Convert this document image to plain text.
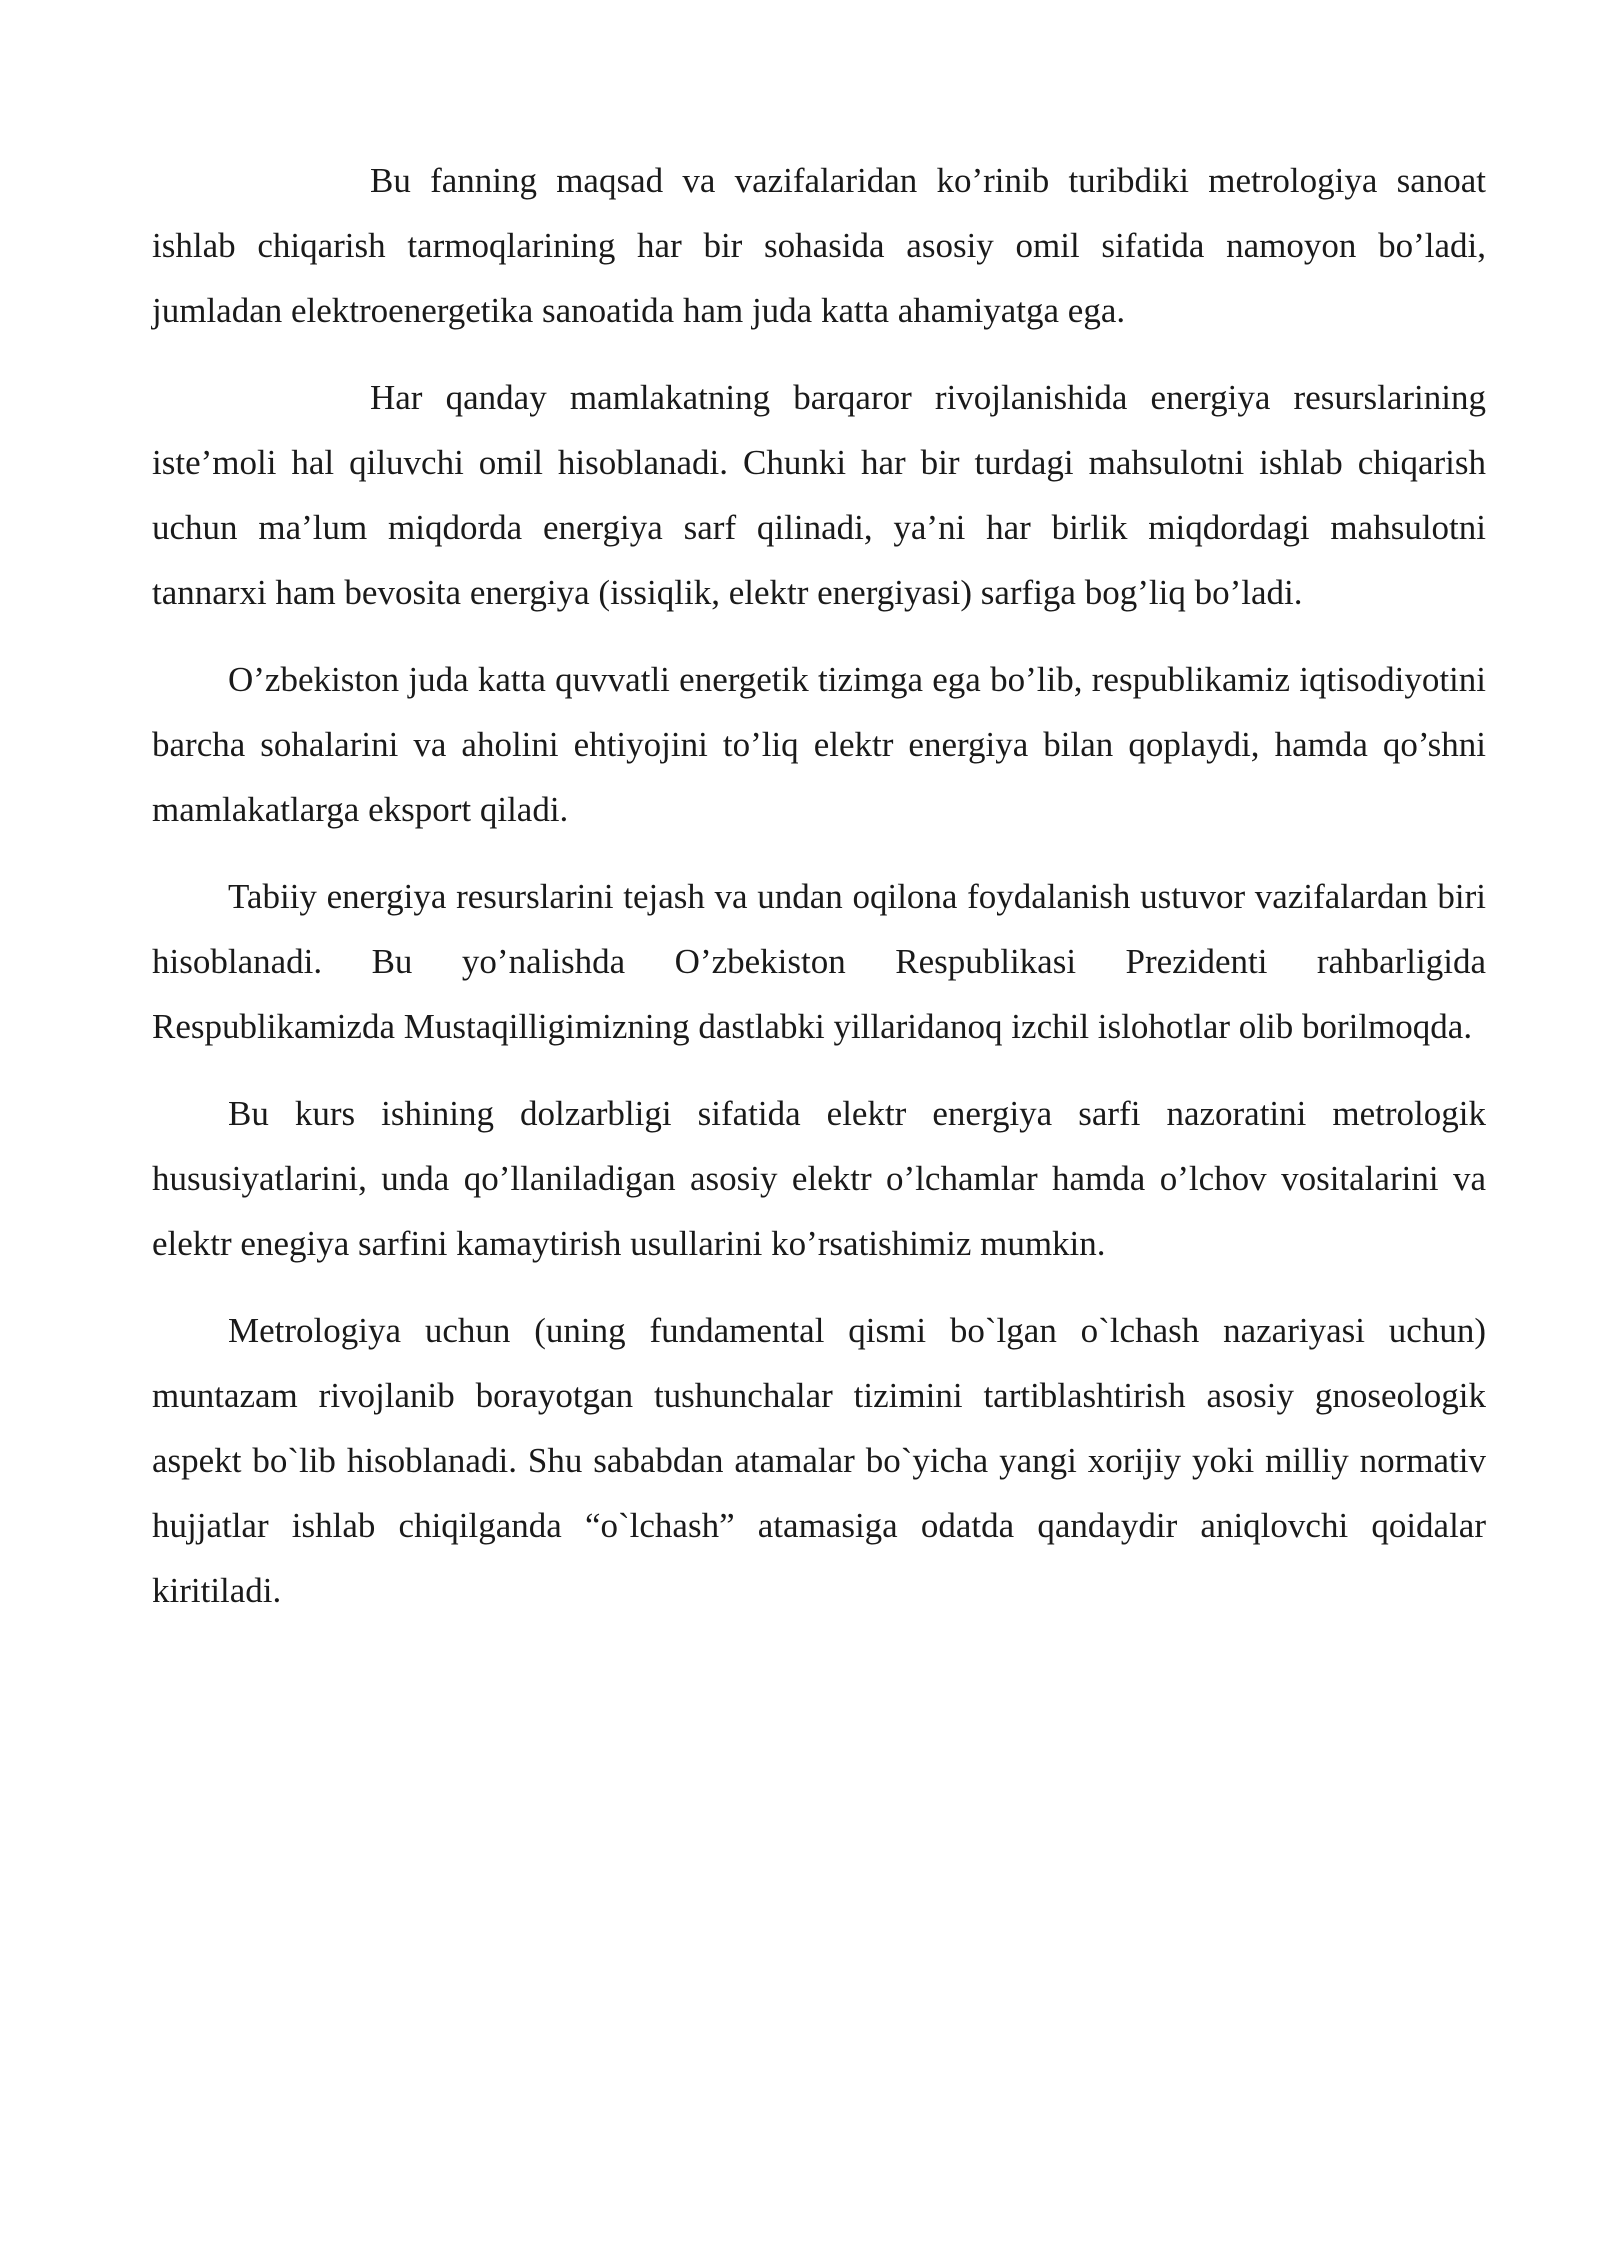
Bu fanning maqsad va vazifalaridan ko’rinib turibdiki metrologiya sanoat ishlab chiqarish tarmoqlarining har bir sohasida asosiy omil sifatida namoyon bo’ladi, jumladan elektroenergetika sanoatida ham juda katta ahamiyatga ega.

Har qanday mamlakatning barqaror rivojlanishida energiya resurslarining iste’moli hal qiluvchi omil hisoblanadi. Chunki har bir turdagi mahsulotni ishlab chiqarish uchun ma’lum miqdorda energiya sarf qilinadi, ya’ni har birlik miqdordagi mahsulotni tannarxi ham bevosita energiya (issiqlik, elektr energiyasi) sarfiga bog’liq bo’ladi.

O’zbekiston juda katta quvvatli energetik tizimga ega bo’lib, respublikamiz iqtisodiyotini barcha sohalarini va aholini ehtiyojini to’liq elektr energiya bilan qoplaydi, hamda qo’shni mamlakatlarga eksport qiladi.

Tabiiy energiya resurslarini tejash va undan oqilona foydalanish ustuvor vazifalardan biri hisoblanadi. Bu yo’nalishda O’zbekiston Respublikasi Prezidenti rahbarligida Respublikamizda Mustaqilligimizning dastlabki yillaridanoq izchil islohotlar olib borilmoqda.

Bu kurs ishining dolzarbligi sifatida elektr energiya sarfi nazoratini metrologik hususiyatlarini, unda qo’llaniladigan asosiy elektr o’lchamlar hamda o’lchov vositalarini va elektr enegiya sarfini kamaytirish usullarini ko’rsatishimiz mumkin.

Metrologiya uchun (uning fundamental qismi bo`lgan o`lchash nazariyasi uchun) muntazam rivojlanib borayotgan tushunchalar tizimini tartiblashtirish asosiy gnoseologik aspekt bo`lib hisoblanadi. Shu sababdan atamalar bo`yicha yangi xorijiy yoki milliy normativ hujjatlar ishlab chiqilganda “o`lchash” atamasiga odatda qandaydir aniqlovchi qoidalar kiritiladi.
